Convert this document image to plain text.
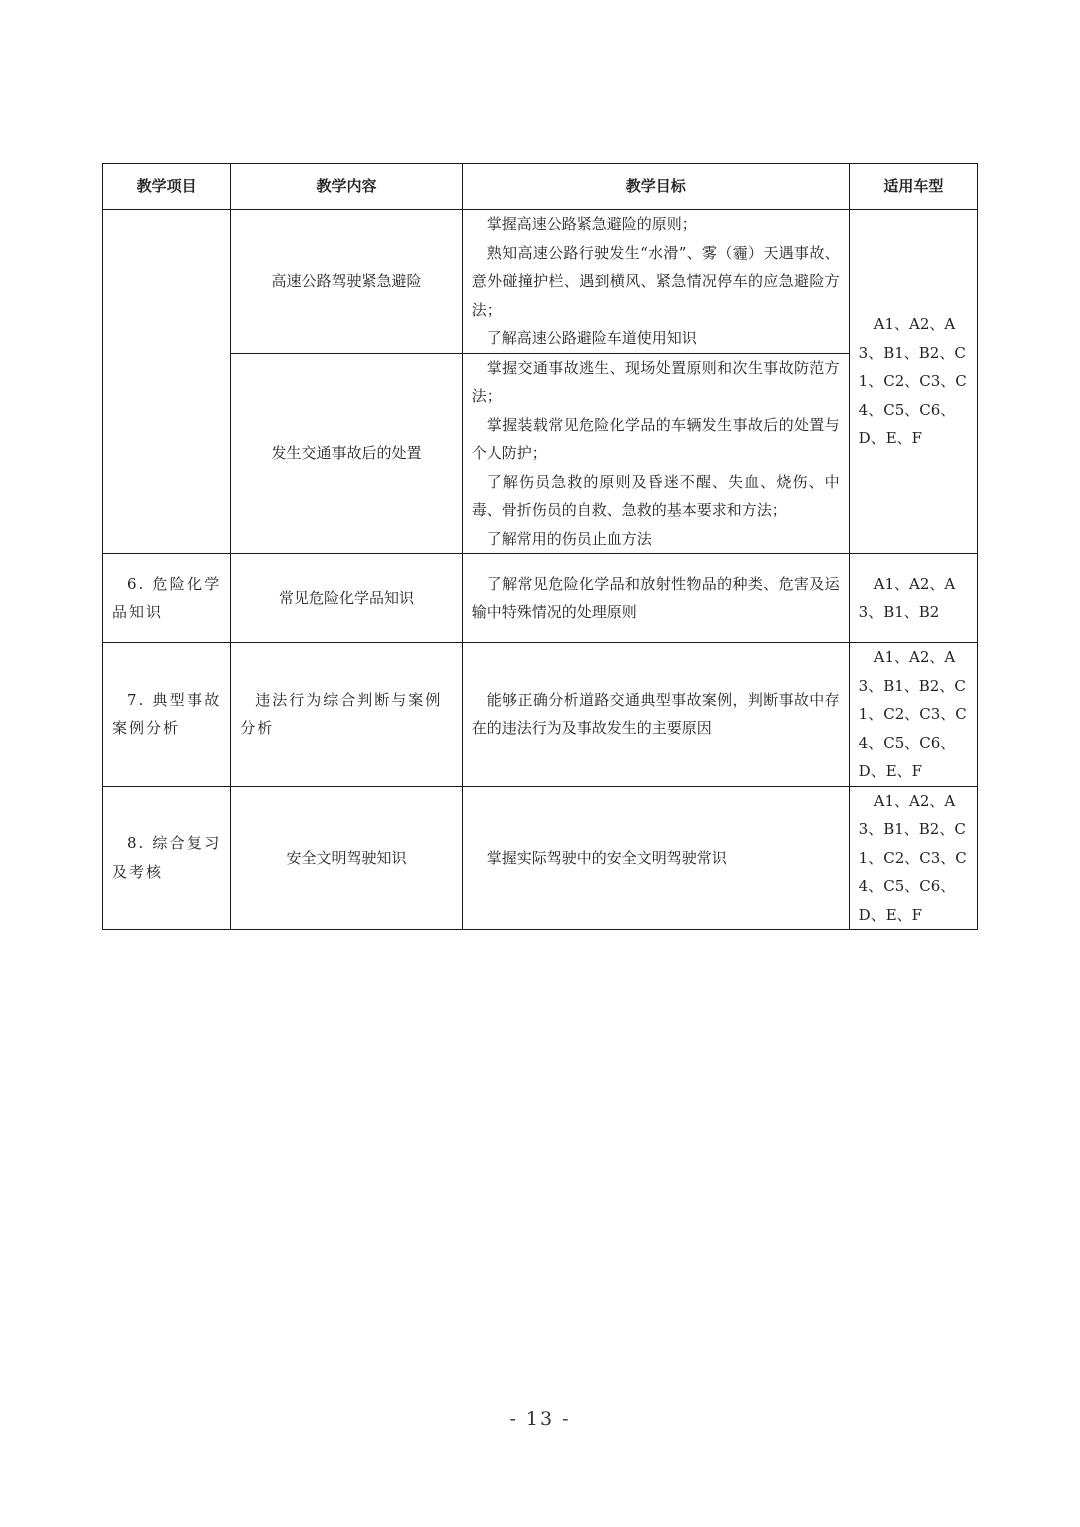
教学项目	教学内容	教学目标	适用车型
	高速公路驾驶紧急避险	掌握高速公路紧急避险的原则；

熟知高速公路行驶发生“水滑”、雾（霾）天遇事故、意外碰撞护栏、遇到横风、紧急情况停车的应急避险方法；

了解高速公路避险车道使用知识	A1、A2、A3、B1、B2、C1、C2、C3、C4、C5、C6、D、E、F

	发生交通事故后的处置	掌握交通事故逃生、现场处置原则和次生事故防范方法；

掌握装载常见危险化学品的车辆发生事故后的处置与个人防护；

了解伤员急救的原则及昏迷不醒、失血、烧伤、中毒、骨折伤员的自救、急救的基本要求和方法；

了解常用的伤员止血方法	

6. 危险化学品知识	常见危险化学品知识	了解常见危险化学品和放射性物品的种类、危害及运输中特殊情况的处理原则	A1、A2、A3、B1、B2

7. 典型事故案例分析	违法行为综合判断与案例分析	能够正确分析道路交通典型事故案例，判断事故中存在的违法行为及事故发生的主要原因	A1、A2、A3、B1、B2、C1、C2、C3、C4、C5、C6、D、E、F

8. 综合复习及考核	安全文明驾驶知识	掌握实际驾驶中的安全文明驾驶常识	A1、A2、A3、B1、B2、C1、C2、C3、C4、C5、C6、D、E、F

- 13 -
